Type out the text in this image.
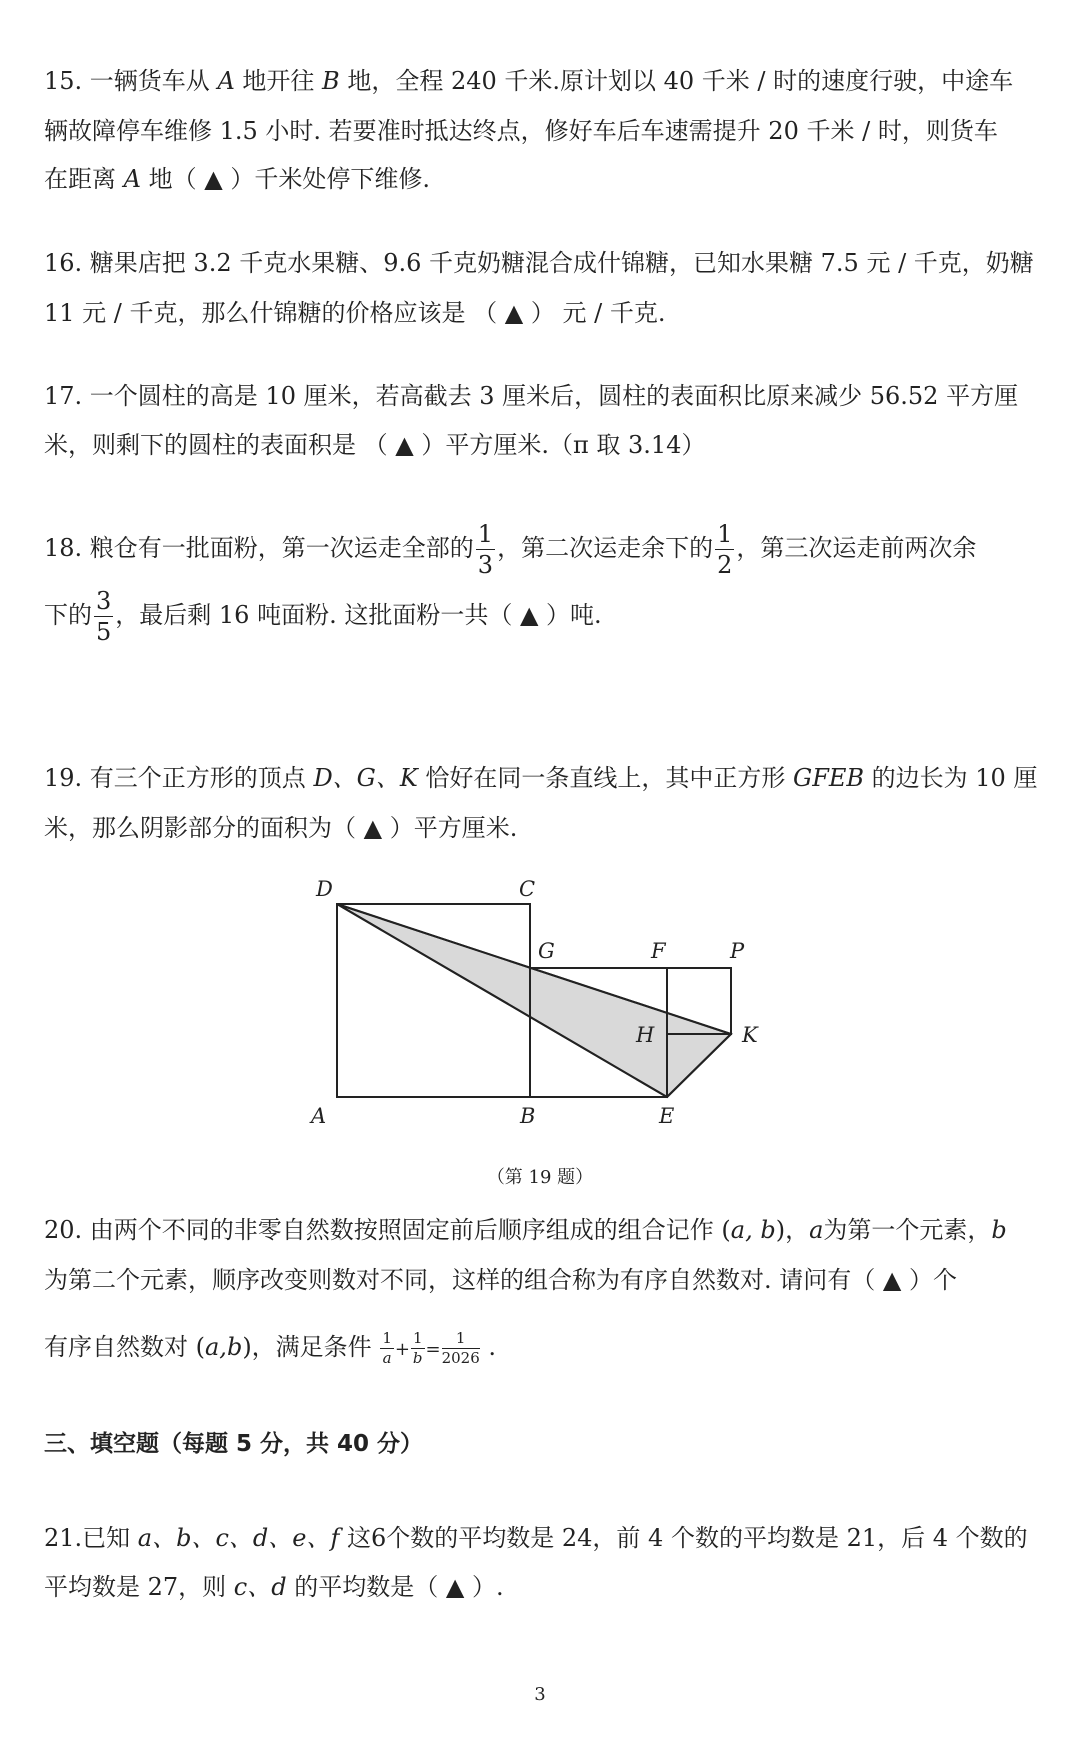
15. 一辆货车从 A 地开往 B 地，全程 240 千米.原计划以 40 千米 / 时的速度行驶，中途车
辆故障停车维修 1.5 小时. 若要准时抵达终点，修好车后车速需提升 20 千米 / 时，则货车
在距离 A 地（ ▲ ）千米处停下维修.
16. 糖果店把 3.2 千克水果糖、9.6 千克奶糖混合成什锦糖，已知水果糖 7.5 元 / 千克，奶糖
11 元 / 千克，那么什锦糖的价格应该是 （ ▲ ） 元 / 千克.
17. 一个圆柱的高是 10 厘米，若高截去 3 厘米后，圆柱的表面积比原来减少 56.52 平方厘
米，则剩下的圆柱的表面积是 （ ▲ ）平方厘米.（π 取 3.14）
18. 粮仓有一批面粉，第一次运走全部的 $\frac{1}{3}$ ，第二次运走余下的 $\frac{1}{2}$ ，第三次运走前两次余
下的 $\frac{3}{5}$ ，最后剩 16 吨面粉. 这批面粉一共（ ▲ ）吨.
19. 有三个正方形的顶点 D、G、K 恰好在同一条直线上，其中正方形 GFEB 的边长为 10 厘
米，那么阴影部分的面积为（ ▲ ）平方厘米.
D	C
G	F	P
H	K
A	B	E
（第 19 题）
20. 由两个不同的非零自然数按照固定前后顺序组成的组合记作 (a, b)，a为第一个元素，b
为第二个元素，顺序改变则数对不同，这样的组合称为有序自然数对. 请问有（ ▲ ）个
有序自然数对 (a,b)，满足条件 $\frac{1}{a} + \frac{1}{b} = \frac{1}{2026}$ .
三、填空题（每题 5 分，共 40 分）
21.已知 a、b、c、d、e、f 这6个数的平均数是 24，前 4 个数的平均数是 21，后 4 个数的
平均数是 27，则 c、d 的平均数是（ ▲ ）.
3
